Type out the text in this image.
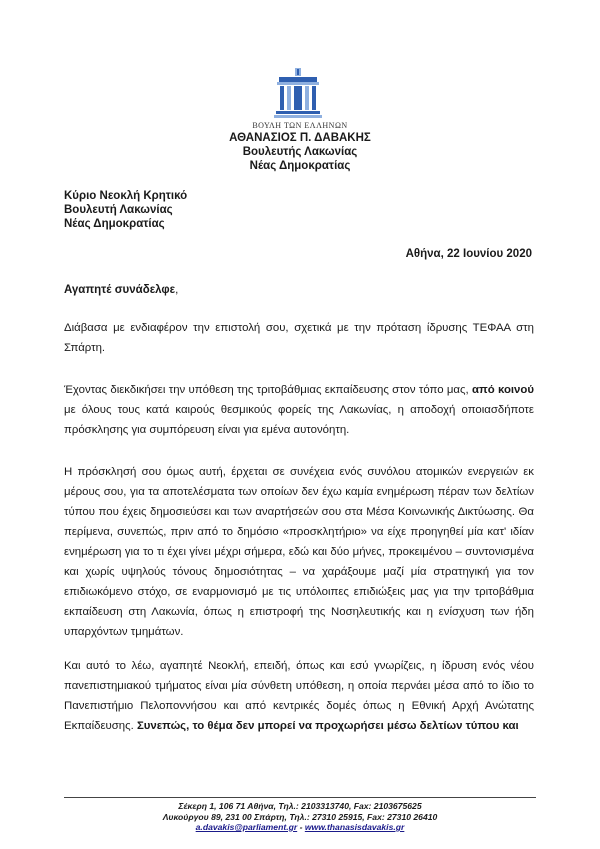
ΒΟΥΛΗ ΤΩΝ ΕΛΛΗΝΩΝ
ΑΘΑΝΑΣΙΟΣ Π. ΔΑΒΑΚΗΣ
Βουλευτής Λακωνίας
Νέας Δημοκρατίας
Κύριο Νεοκλή Κρητικό
Βουλευτή Λακωνίας
Νέας Δημοκρατίας
Αθήνα, 22 Ιουνίου 2020
Αγαπητέ συνάδελφε,

Διάβασα με ενδιαφέρον την επιστολή σου, σχετικά με την πρόταση ίδρυσης ΤΕΦΑΑ στη Σπάρτη.

Έχοντας διεκδικήσει την υπόθεση της τριτοβάθμιας εκπαίδευσης στον τόπο μας, από κοινού με όλους τους κατά καιρούς θεσμικούς φορείς της Λακωνίας, η αποδοχή οποιασδήποτε πρόσκλησης για συμπόρευση είναι για εμένα αυτονόητη.

Η πρόσκλησή σου όμως αυτή, έρχεται σε συνέχεια ενός συνόλου ατομικών ενεργειών εκ μέρους σου, για τα αποτελέσματα των οποίων δεν έχω καμία ενημέρωση πέραν των δελτίων τύπου που έχεις δημοσιεύσει και των αναρτήσεών σου στα Μέσα Κοινωνικής Δικτύωσης. Θα περίμενα, συνεπώς, πριν από το δημόσιο «προσκλητήριο» να είχε προηγηθεί μία κατ' ιδίαν ενημέρωση για το τι έχει γίνει μέχρι σήμερα, εδώ και δύο μήνες, προκειμένου – συντονισμένα και χωρίς υψηλούς τόνους δημοσιότητας – να χαράξουμε μαζί μία στρατηγική για τον επιδιωκόμενο στόχο, σε εναρμονισμό με τις υπόλοιπες επιδιώξεις μας για την τριτοβάθμια εκπαίδευση στη Λακωνία, όπως η επιστροφή της Νοσηλευτικής και η ενίσχυση των ήδη υπαρχόντων τμημάτων.

Και αυτό το λέω, αγαπητέ Νεοκλή, επειδή, όπως και εσύ γνωρίζεις, η ίδρυση ενός νέου πανεπιστημιακού τμήματος είναι μία σύνθετη υπόθεση, η οποία περνάει μέσα από το ίδιο το Πανεπιστήμιο Πελοποννήσου και από κεντρικές δομές όπως η Εθνική Αρχή Ανώτατης Εκπαίδευσης. Συνεπώς, το θέμα δεν μπορεί να προχωρήσει μέσω δελτίων τύπου και

Σέκερη 1, 106 71 Αθήνα, Τηλ.: 2103313740, Fax: 2103675625
Λυκούργου 89, 231 00 Σπάρτη, Τηλ.: 27310 25915, Fax: 27310 26410
a.davakis@parliament.gr - www.thanasisdavakis.gr
